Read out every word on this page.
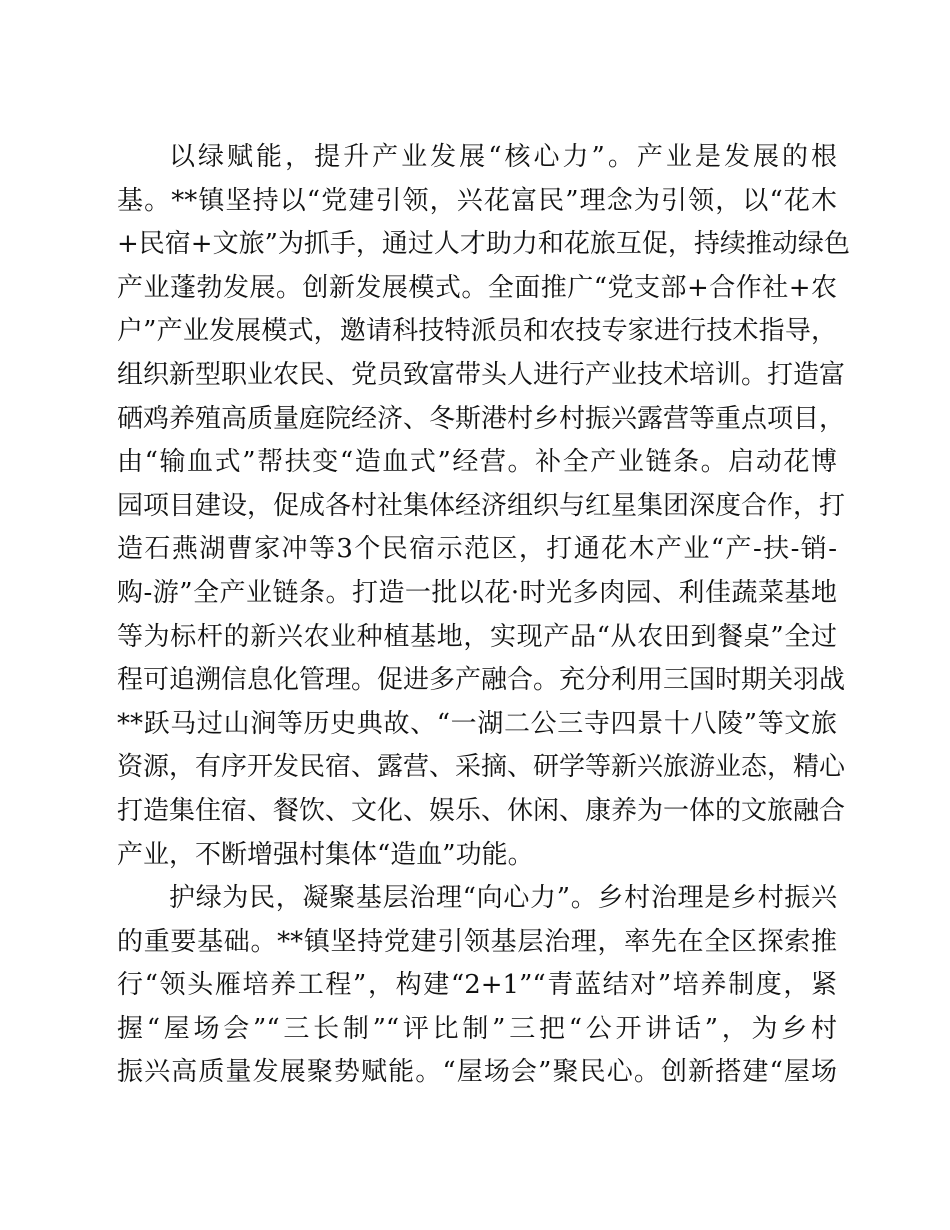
以绿赋能，提升产业发展“核心力”。产业是发展的根
基。**镇坚持以“党建引领，兴花富民”理念为引领，以“花木
+民宿+文旅”为抓手，通过人才助力和花旅互促，持续推动绿色
产业蓬勃发展。创新发展模式。全面推广“党支部+合作社+农
户”产业发展模式，邀请科技特派员和农技专家进行技术指导，
组织新型职业农民、党员致富带头人进行产业技术培训。打造富
硒鸡养殖高质量庭院经济、冬斯港村乡村振兴露营等重点项目，
由“输血式”帮扶变“造血式”经营。补全产业链条。启动花博
园项目建设，促成各村社集体经济组织与红星集团深度合作，打
造石燕湖曹家冲等3个民宿示范区，打通花木产业“产-扶-销-
购-游”全产业链条。打造一批以花·时光多肉园、利佳蔬菜基地
等为标杆的新兴农业种植基地，实现产品“从农田到餐桌”全过
程可追溯信息化管理。促进多产融合。充分利用三国时期关羽战
**跃马过山涧等历史典故、“一湖二公三寺四景十八陵”等文旅
资源，有序开发民宿、露营、采摘、研学等新兴旅游业态，精心
打造集住宿、餐饮、文化、娱乐、休闲、康养为一体的文旅融合
产业，不断增强村集体“造血”功能。
护绿为民，凝聚基层治理“向心力”。乡村治理是乡村振兴
的重要基础。**镇坚持党建引领基层治理，率先在全区探索推
行“领头雁培养工程”，构建“2+1”“青蓝结对”培养制度，紧
握“屋场会”“三长制”“评比制”三把“公开讲话”，为乡村
振兴高质量发展聚势赋能。“屋场会”聚民心。创新搭建“屋场
